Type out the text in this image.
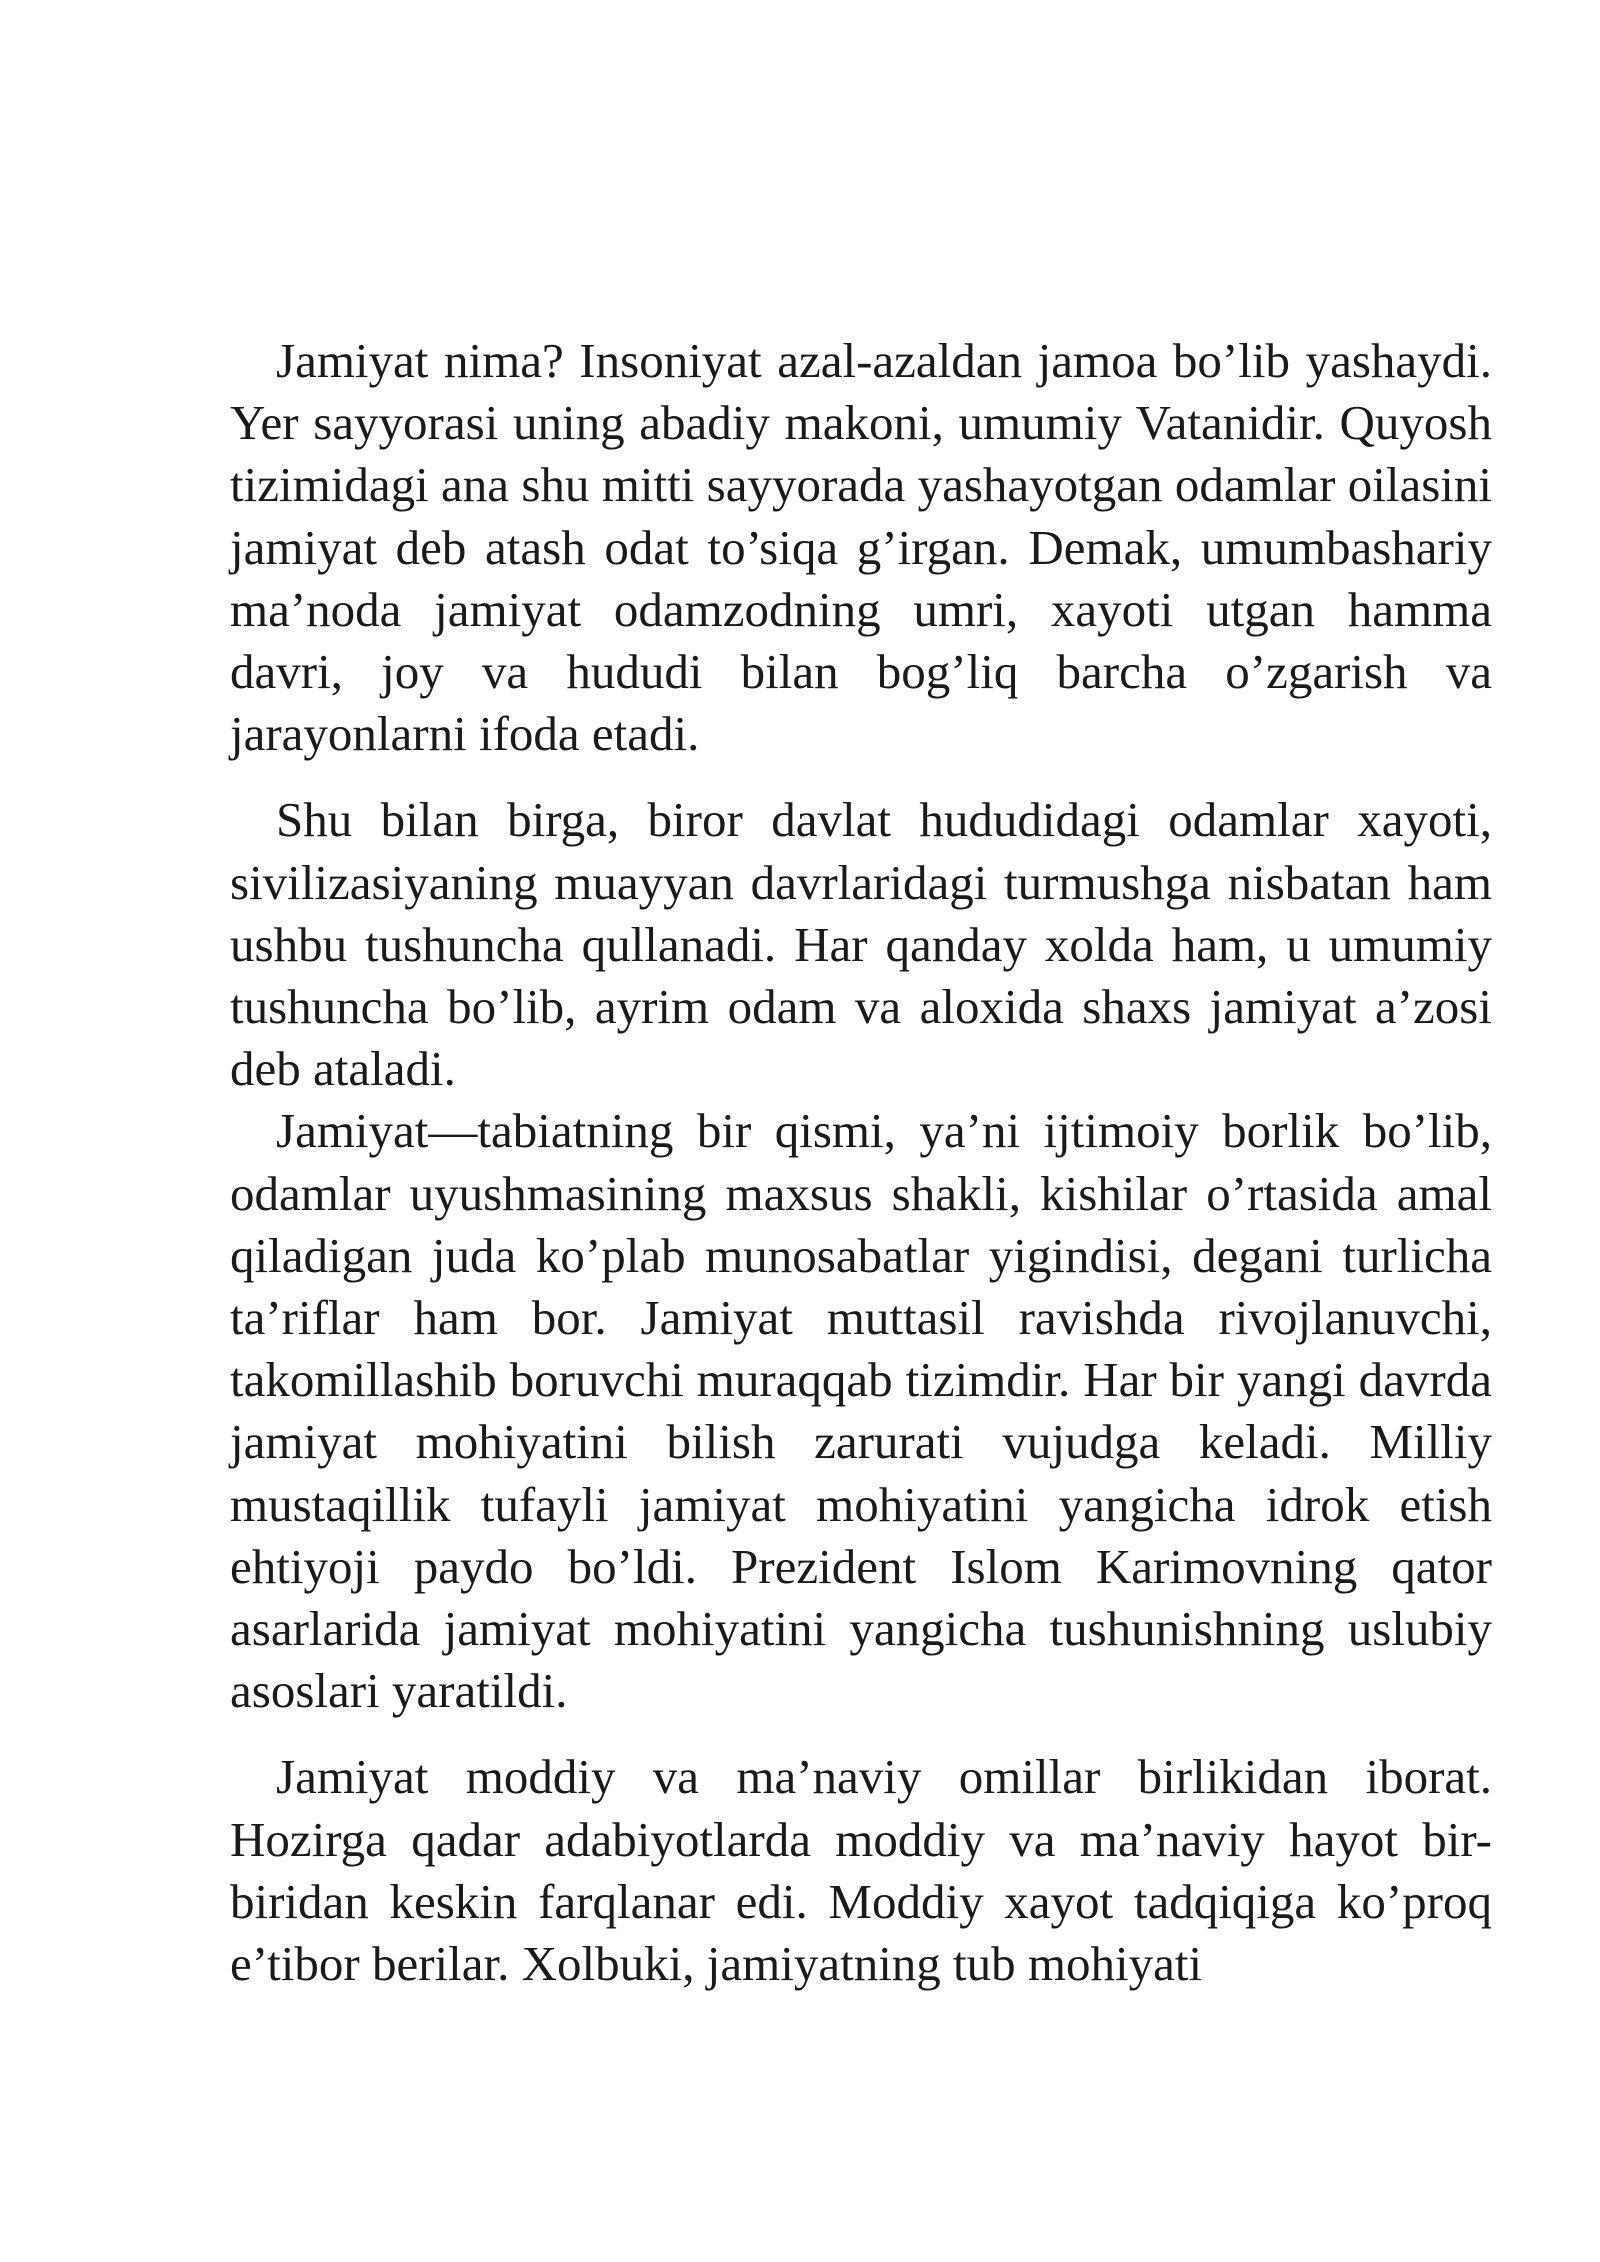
Jamiyat nima? Insoniyat azal-azaldan jamoa bo’lib yashaydi. Yer sayyorasi uning abadiy makoni, umumiy Vatanidir. Quyosh tizimidagi ana shu mitti sayyorada yashayotgan odamlar oilasini jamiyat deb atash odat to’siqa g’irgan. Demak, umumbashariy ma’noda jamiyat odamzodning umri, xayoti utgan hamma davri, joy va hududi bilan bog’liq barcha o’zgarish va jarayonlarni ifoda etadi.

Shu bilan birga, biror davlat hududidagi odamlar xayoti, sivilizasiyaning muayyan davrlaridagi turmushga nisbatan ham ushbu tushuncha qullanadi. Har qanday xolda ham, u umumiy tushuncha bo’lib, ayrim odam va aloxida shaxs jamiyat a’zosi deb ataladi.

Jamiyat—tabiatning bir qismi, ya’ni ijtimoiy borlik bo’lib, odamlar uyushmasining maxsus shakli, kishilar o’rtasida amal qiladigan juda ko’plab munosabatlar yigindisi, degani turlicha ta’riflar ham bor. Jamiyat muttasil ravishda rivojlanuvchi, takomillashib boruvchi muraqqab tizimdir. Har bir yangi davrda jamiyat mohiyatini bilish zarurati vujudga keladi. Milliy mustaqillik tufayli jamiyat mohiyatini yangicha idrok etish ehtiyoji paydo bo’ldi. Prezident Islom Karimovning qator asarlarida jamiyat mohiyatini yangicha tushunishning uslubiy asoslari yaratildi.

Jamiyat moddiy va ma’naviy omillar birlikidan iborat. Hozirga qadar adabiyotlarda moddiy va ma’naviy hayot bir-biridan keskin farqlanar edi. Moddiy xayot tadqiqiga ko’proq e’tibor berilar. Xolbuki, jamiyatning tub mohiyati
